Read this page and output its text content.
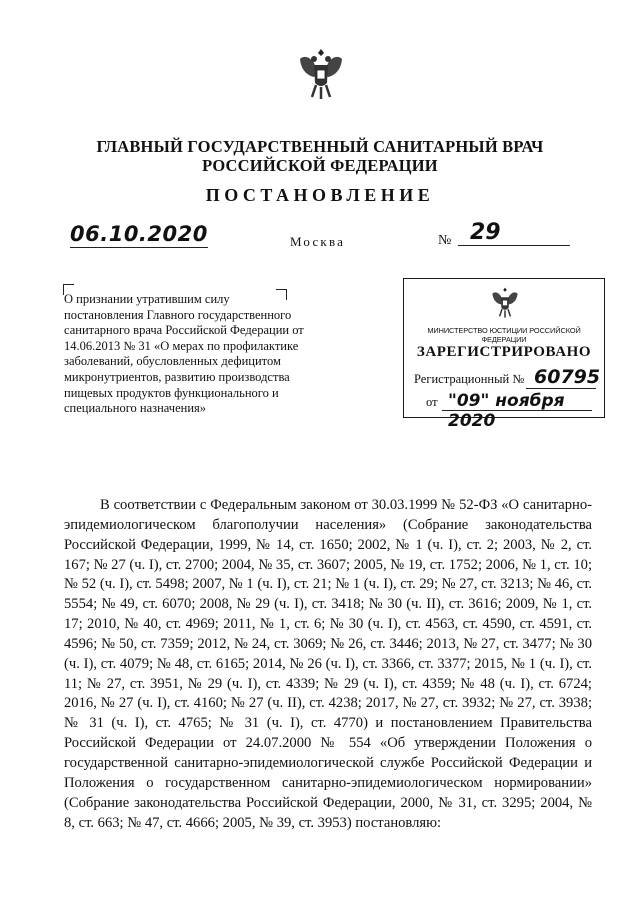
ГЛАВНЫЙ ГОСУДАРСТВЕННЫЙ САНИТАРНЫЙ ВРАЧ
РОССИЙСКОЙ ФЕДЕРАЦИИ
ПОСТАНОВЛЕНИЕ
06.10.2020	Москва	№ 29
О признании утратившим силу постановления Главного государственного санитарного врача Российской Федерации от 14.06.2013 № 31 «О мерах по профилактике заболеваний, обусловленных дефицитом микронутриентов, развитию производства пищевых продуктов функционального и специального назначения»
МИНИСТЕРСТВО ЮСТИЦИИ РОССИЙСКОЙ ФЕДЕРАЦИИ
ЗАРЕГИСТРИРОВАНО
Регистрационный № 60795
от "09" ноября 2020

В соответствии с Федеральным законом от 30.03.1999 № 52-ФЗ «О санитарно-эпидемиологическом благополучии населения» (Собрание законодательства Российской Федерации, 1999, № 14, ст. 1650; 2002, № 1 (ч. I), ст. 2; 2003, № 2, ст. 167; № 27 (ч. I), ст. 2700; 2004, № 35, ст. 3607; 2005, № 19, ст. 1752; 2006, № 1, ст. 10; № 52 (ч. I), ст. 5498; 2007, № 1 (ч. I), ст. 21; № 1 (ч. I), ст. 29; № 27, ст. 3213; № 46, ст. 5554; № 49, ст. 6070; 2008, № 29 (ч. I), ст. 3418; № 30 (ч. II), ст. 3616; 2009, № 1, ст. 17; 2010, № 40, ст. 4969; 2011, № 1, ст. 6; № 30 (ч. I), ст. 4563, ст. 4590, ст. 4591, ст. 4596; № 50, ст. 7359; 2012, № 24, ст. 3069; № 26, ст. 3446; 2013, № 27, ст. 3477; № 30 (ч. I), ст. 4079; № 48, ст. 6165; 2014, № 26 (ч. I), ст. 3366, ст. 3377; 2015, № 1 (ч. I), ст. 11; № 27, ст. 3951, № 29 (ч. I), ст. 4339; № 29 (ч. I), ст. 4359; № 48 (ч. I), ст. 6724; 2016, № 27 (ч. I), ст. 4160; № 27 (ч. II), ст. 4238; 2017, № 27, ст. 3932; № 27, ст. 3938; № 31 (ч. I), ст. 4765; № 31 (ч. I), ст. 4770) и постановлением Правительства Российской Федерации от 24.07.2000 № 554 «Об утверждении Положения о государственной санитарно-эпидемиологической службе Российской Федерации и Положения о государственном санитарно-эпидемиологическом нормировании» (Собрание законодательства Российской Федерации, 2000, № 31, ст. 3295; 2004, № 8, ст. 663; № 47, ст. 4666; 2005, № 39, ст. 3953) постановляю:
